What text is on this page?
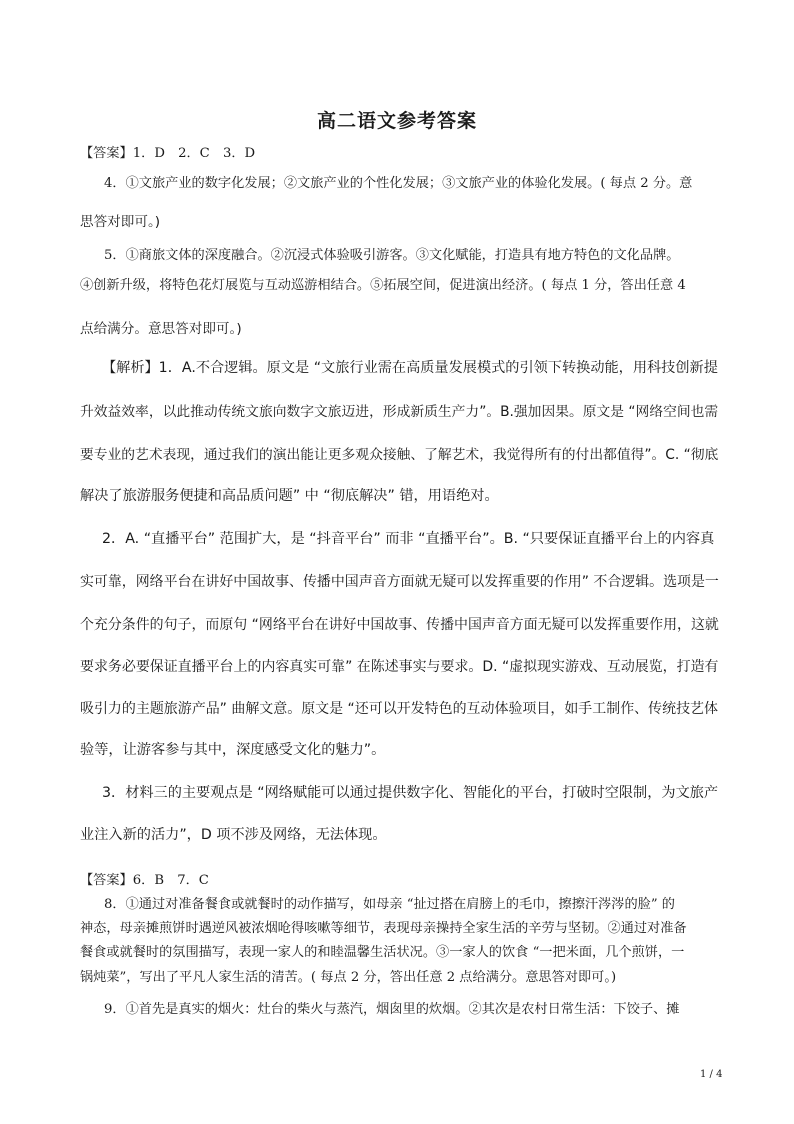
高二语文参考答案
【答案】1．D　2．C　3．D
4．①文旅产业的数字化发展；②文旅产业的个性化发展；③文旅产业的体验化发展。( 每点 2 分。意
思答对即可。)
5．①商旅文体的深度融合。②沉浸式体验吸引游客。③文化赋能，打造具有地方特色的文化品牌。
④创新升级，将特色花灯展览与互动巡游相结合。⑤拓展空间，促进演出经济。( 每点 1 分，答出任意 4
点给满分。意思答对即可。)
【解析】1．A.不合逻辑。原文是 “文旅行业需在高质量发展模式的引领下转换动能，用科技创新提
升效益效率，以此推动传统文旅向数字文旅迈进，形成新质生产力”。B.强加因果。原文是 “网络空间也需
要专业的艺术表现，通过我们的演出能让更多观众接触、了解艺术，我觉得所有的付出都值得”。C. “彻底
解决了旅游服务便捷和高品质问题” 中 “彻底解决” 错，用语绝对。
2．A. “直播平台” 范围扩大，是 “抖音平台” 而非 “直播平台”。B. “只要保证直播平台上的内容真
实可靠，网络平台在讲好中国故事、传播中国声音方面就无疑可以发挥重要的作用” 不合逻辑。选项是一
个充分条件的句子，而原句 “网络平台在讲好中国故事、传播中国声音方面无疑可以发挥重要作用，这就
要求务必要保证直播平台上的内容真实可靠” 在陈述事实与要求。D. “虚拟现实游戏、互动展览，打造有
吸引力的主题旅游产品” 曲解文意。原文是 “还可以开发特色的互动体验项目，如手工制作、传统技艺体
验等，让游客参与其中，深度感受文化的魅力”。
3．材料三的主要观点是 “网络赋能可以通过提供数字化、智能化的平台，打破时空限制，为文旅产
业注入新的活力”，D 项不涉及网络，无法体现。
【答案】6．B　7．C
8．①通过对准备餐食或就餐时的动作描写，如母亲 “扯过搭在肩膀上的毛巾，擦擦汗涔涔的脸” 的
神态，母亲摊煎饼时遇逆风被浓烟呛得咳嗽等细节，表现母亲操持全家生活的辛劳与坚韧。②通过对准备
餐食或就餐时的氛围描写，表现一家人的和睦温馨生活状况。③一家人的饮食 “一把米面，几个煎饼，一
锅炖菜”，写出了平凡人家生活的清苦。( 每点 2 分，答出任意 2 点给满分。意思答对即可。)
9．①首先是真实的烟火：灶台的柴火与蒸汽，烟囱里的炊烟。②其次是农村日常生活：下饺子、摊
1 / 4
